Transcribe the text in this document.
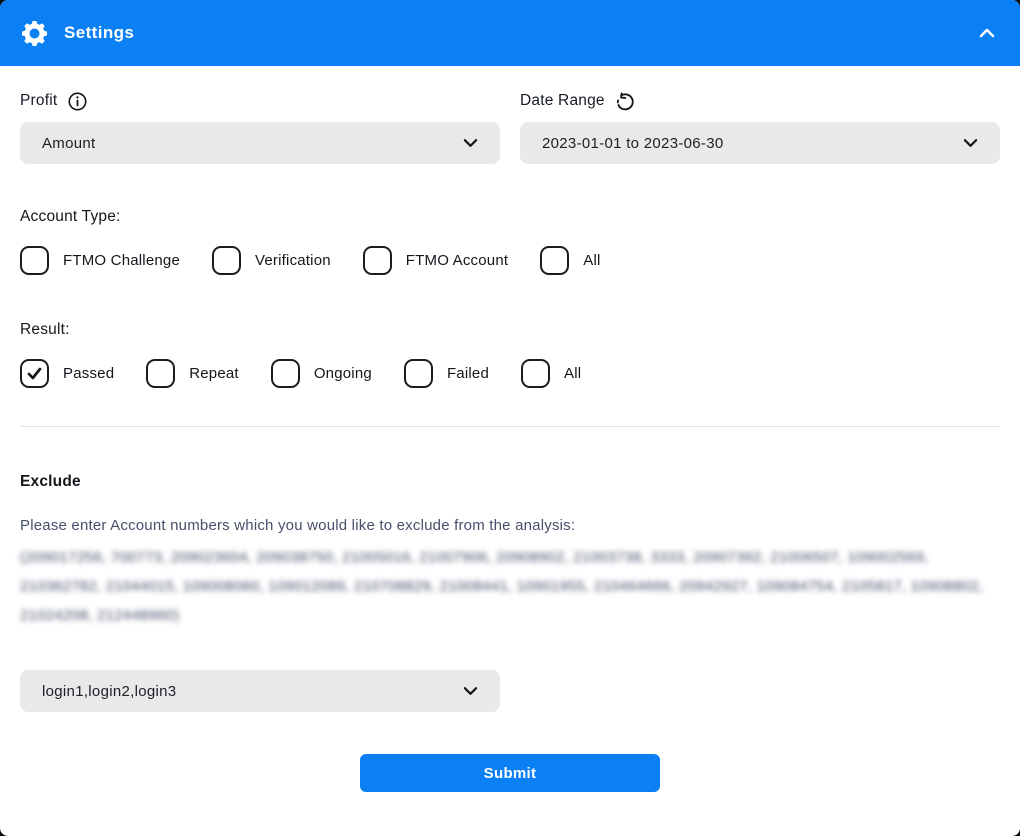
Settings
Profit
Amount
Date Range
2023-01-01 to 2023-06-30
Account Type:
FTMO Challenge	Verification	FTMO Account	All
Result:
Passed	Repeat	Ongoing	Failed	All
Exclude
Please enter Account numbers which you would like to exclude from the analysis:
(209017256, 700773, 209023604, 209038750, 21005016, 21007906, 20908902, 21003738, 3333, 20907392, 21006507, 109002569, 210362782, 21044015, 109008060, 109012089, 210708829, 21008441, 10901955, 210464666, 20942927, 109084754, 2105817, 10908802, 21024208, 212448960)
login1,login2,login3
Submit
